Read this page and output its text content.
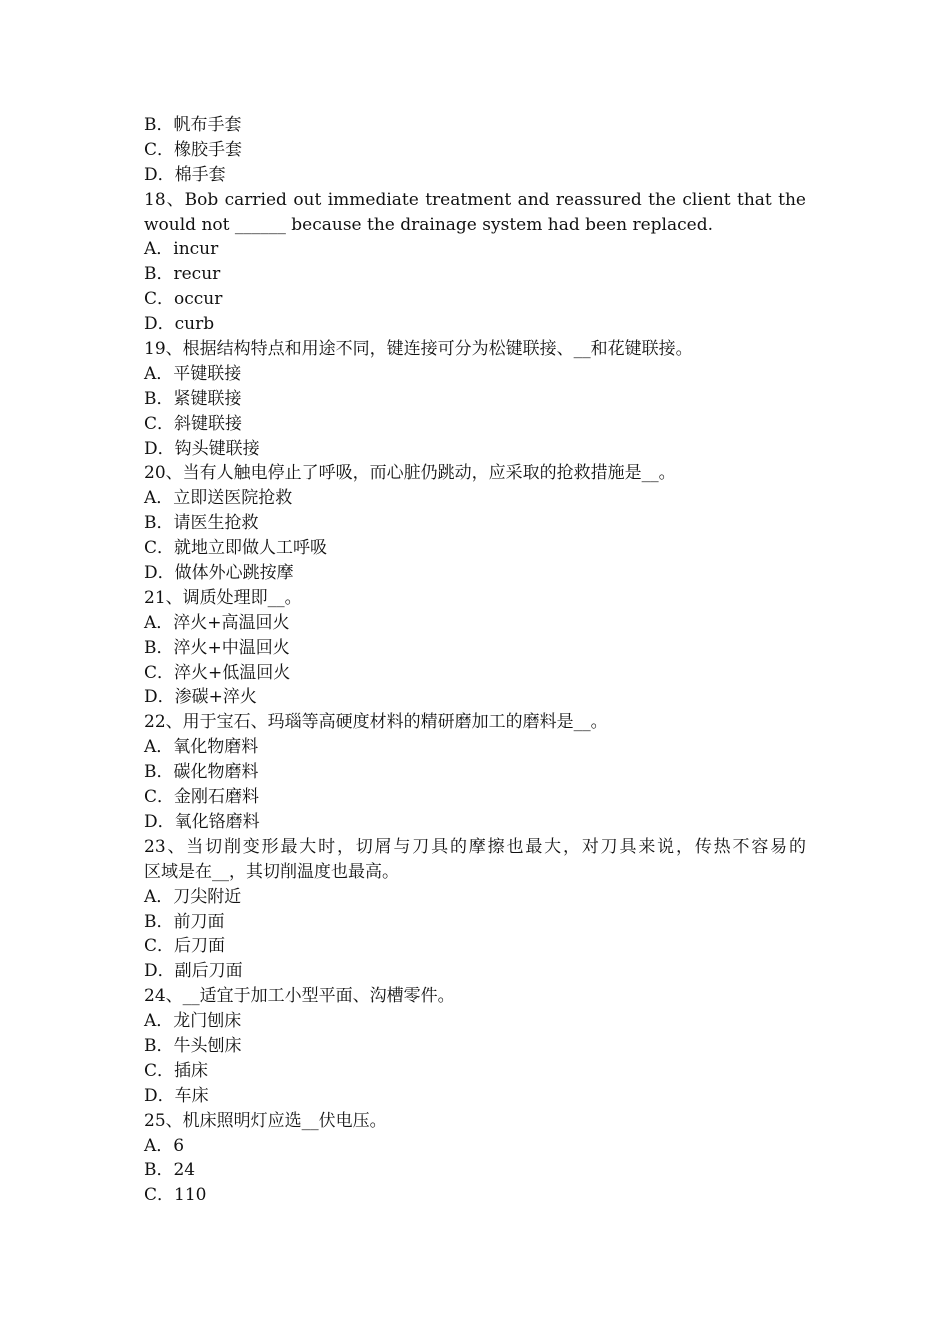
B．帆布手套
C．橡胶手套
D．棉手套
18、Bob carried out immediate treatment and reassured the client that the
would not ______ because the drainage system had been replaced.
A．incur
B．recur
C．occur
D．curb
19、根据结构特点和用途不同，键连接可分为松键联接、__和花键联接。
A．平键联接
B．紧键联接
C．斜键联接
D．钩头键联接
20、当有人触电停止了呼吸，而心脏仍跳动，应采取的抢救措施是__。
A．立即送医院抢救
B．请医生抢救
C．就地立即做人工呼吸
D．做体外心跳按摩
21、调质处理即__。
A．淬火+高温回火
B．淬火+中温回火
C．淬火+低温回火
D．渗碳+淬火
22、用于宝石、玛瑙等高硬度材料的精研磨加工的磨料是__。
A．氧化物磨料
B．碳化物磨料
C．金刚石磨料
D．氧化铬磨料
23、当切削变形最大时，切屑与刀具的摩擦也最大，对刀具来说，传热不容易的
区域是在__，其切削温度也最高。
A．刀尖附近
B．前刀面
C．后刀面
D．副后刀面
24、__适宜于加工小型平面、沟槽零件。
A．龙门刨床
B．牛头刨床
C．插床
D．车床
25、机床照明灯应选__伏电压。
A．6
B．24
C．110
